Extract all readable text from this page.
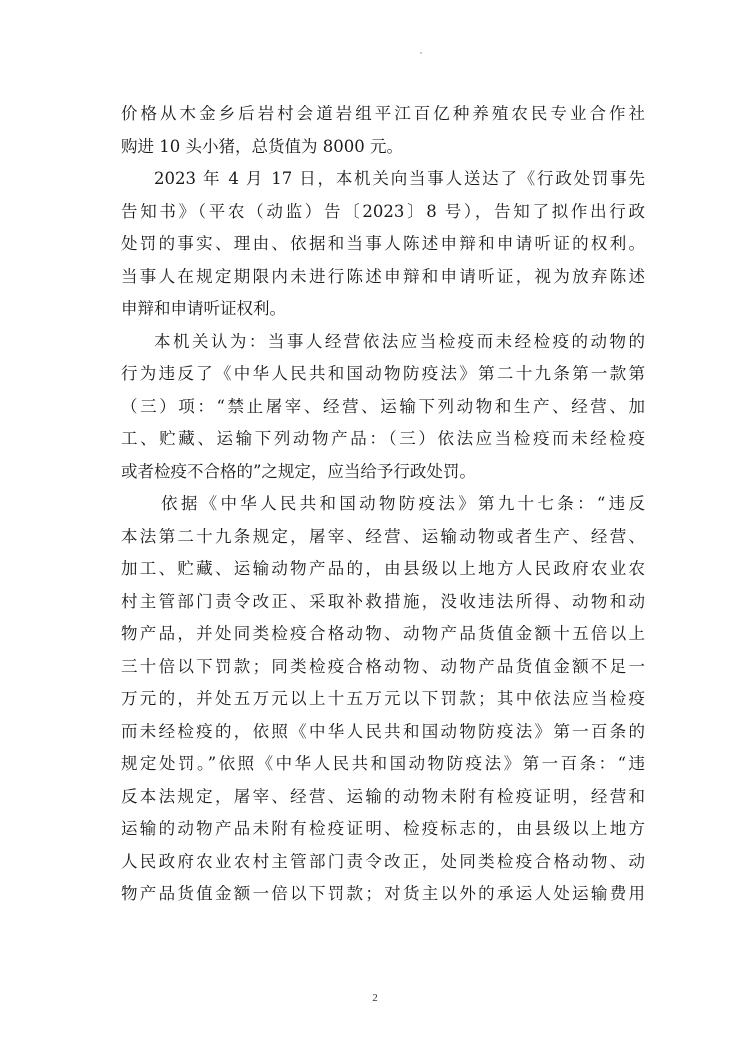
价格从木金乡后岩村会道岩组平江百亿种养殖农民专业合作社

购进 10 头小猪，总货值为 8000 元。

2023 年 4 月 17 日，本机关向当事人送达了《行政处罚事先

告知书》（平农（动监）告〔2023〕8 号），告知了拟作出行政

处罚的事实、理由、依据和当事人陈述申辩和申请听证的权利。

当事人在规定期限内未进行陈述申辩和申请听证，视为放弃陈述

申辩和申请听证权利。

本机关认为：当事人经营依法应当检疫而未经检疫的动物的

行为违反了《中华人民共和国动物防疫法》第二十九条第一款第

（三）项：“禁止屠宰、经营、运输下列动物和生产、经营、加

工、贮藏、运输下列动物产品：（三）依法应当检疫而未经检疫

或者检疫不合格的”之规定，应当给予行政处罚。

依据《中华人民共和国动物防疫法》第九十七条：“违反

本法第二十九条规定，屠宰、经营、运输动物或者生产、经营、

加工、贮藏、运输动物产品的，由县级以上地方人民政府农业农

村主管部门责令改正、采取补救措施，没收违法所得、动物和动

物产品，并处同类检疫合格动物、动物产品货值金额十五倍以上

三十倍以下罚款；同类检疫合格动物、动物产品货值金额不足一

万元的，并处五万元以上十五万元以下罚款；其中依法应当检疫

而未经检疫的，依照《中华人民共和国动物防疫法》第一百条的

规定处罚。”依照《中华人民共和国动物防疫法》第一百条：“违

反本法规定，屠宰、经营、运输的动物未附有检疫证明，经营和

运输的动物产品未附有检疫证明、检疫标志的，由县级以上地方

人民政府农业农村主管部门责令改正，处同类检疫合格动物、动

物产品货值金额一倍以下罚款；对货主以外的承运人处运输费用

2
